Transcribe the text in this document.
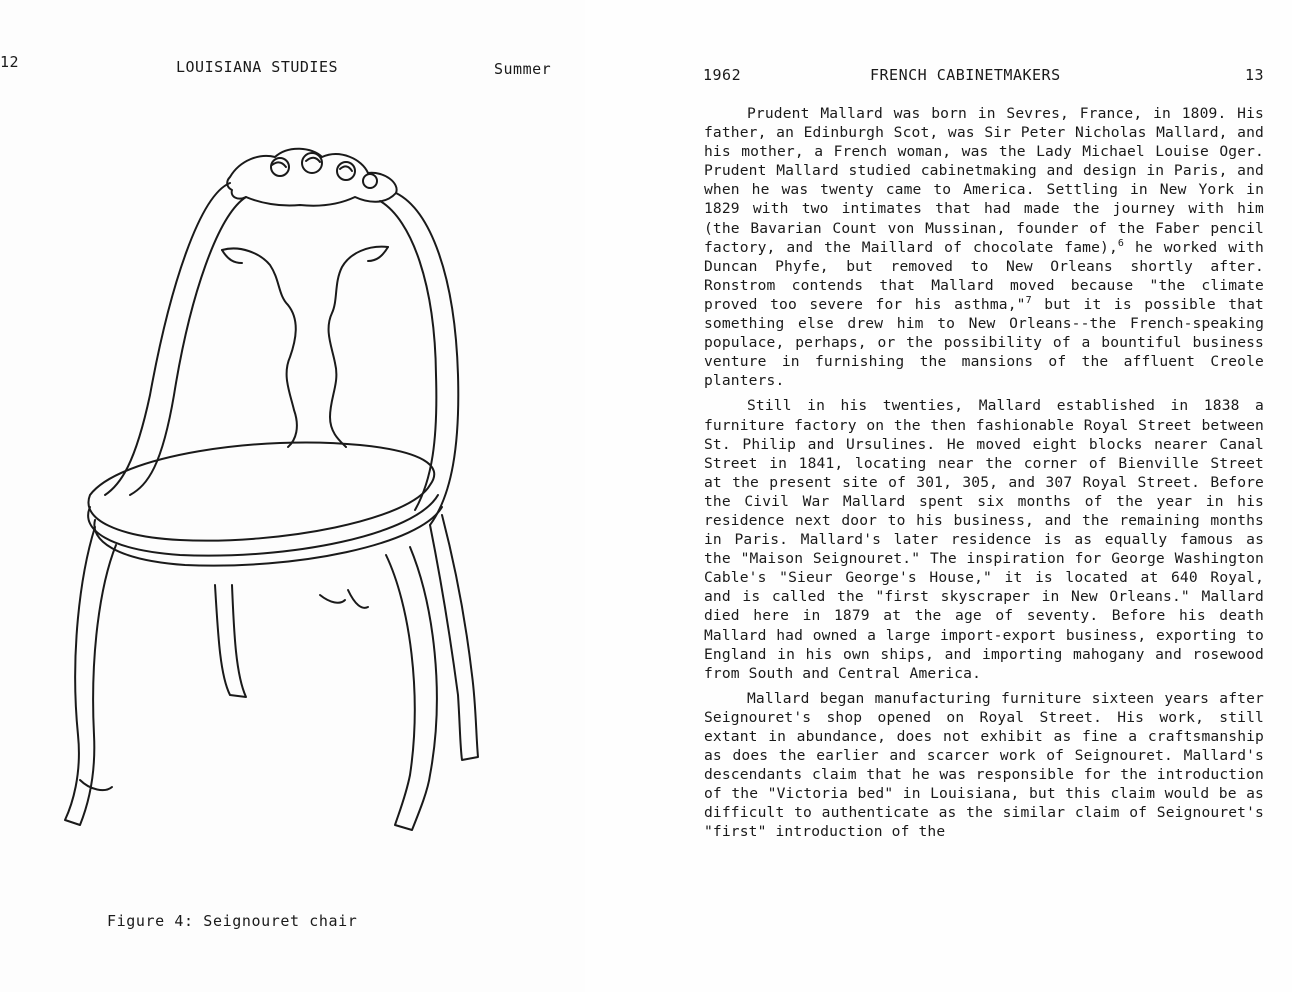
12	LOUISIANA STUDIES	Summer
Figure 4: Seignouret chair
1962	FRENCH CABINETMAKERS	13

Prudent Mallard was born in Sevres, France, in 1809. His father, an Edinburgh Scot, was Sir Peter Nicholas Mallard, and his mother, a French woman, was the Lady Michael Louise Oger. Prudent Mallard studied cabinetmaking and design in Paris, and when he was twenty came to America. Settling in New York in 1829 with two intimates that had made the journey with him (the Bavarian Count von Mussinan, founder of the Faber pencil factory, and the Maillard of chocolate fame),$^6$ he worked with Duncan Phyfe, but removed to New Orleans shortly after. Ronstrom contends that Mallard moved because "the climate proved too severe for his asthma,"$^7$ but it is possible that something else drew him to New Orleans--the French-speaking populace, perhaps, or the possibility of a bountiful business venture in furnishing the mansions of the affluent Creole planters.

Still in his twenties, Mallard established in 1838 a furniture factory on the then fashionable Royal Street between St. Philip and Ursulines. He moved eight blocks nearer Canal Street in 1841, locating near the corner of Bienville Street at the present site of 301, 305, and 307 Royal Street. Before the Civil War Mallard spent six months of the year in his residence next door to his business, and the remaining months in Paris. Mallard's later residence is as equally famous as the "Maison Seignouret." The inspiration for George Washington Cable's "Sieur George's House," it is located at 640 Royal, and is called the "first skyscraper in New Orleans." Mallard died here in 1879 at the age of seventy. Before his death Mallard had owned a large import-export business, exporting to England in his own ships, and importing mahogany and rosewood from South and Central America.

Mallard began manufacturing furniture sixteen years after Seignouret's shop opened on Royal Street. His work, still extant in abundance, does not exhibit as fine a craftsmanship as does the earlier and scarcer work of Seignouret. Mallard's descendants claim that he was responsible for the introduction of the "Victoria bed" in Louisiana, but this claim would be as difficult to authenticate as the similar claim of Seignouret's "first" introduction of the
